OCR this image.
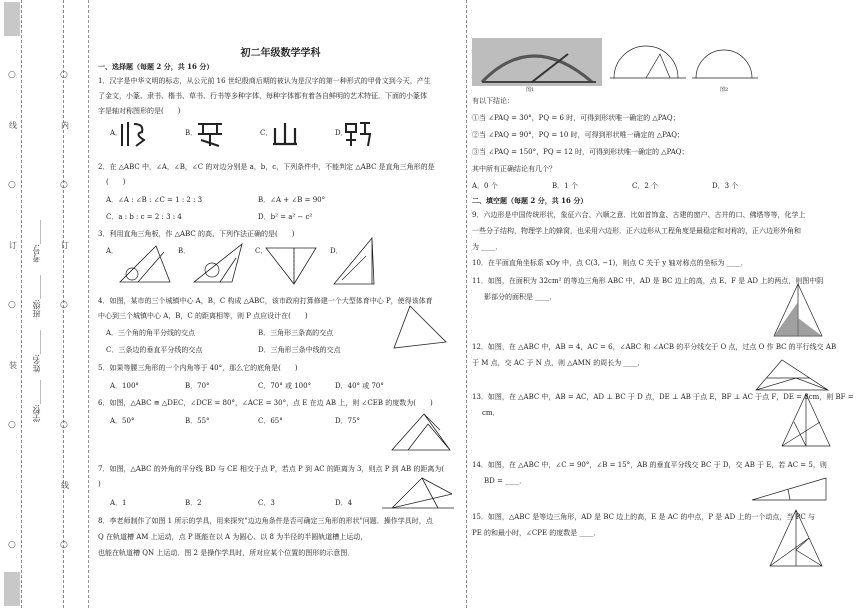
○
○
○
○
○
○
○
○
○
○
线
订
装
内
订
线
学校:______
姓名:______
班级:______
考号:______
初二年级数学学科
一、选择题（每题 2 分，共 16 分）
1．汉字是中华文明的标志，从公元前 16 世纪殷商后期的被认为是汉字的第一种形式的甲骨文到今天，产生
了金文，小篆、隶书、楷书、草书、行书等多种字体，每种字体都有着各自鲜明的艺术特征．下面的小篆体
字是轴对称图形的是(　　)
A．	B．	C．	D．
2．在 △ABC 中，∠A，∠B，∠C 的对边分别是 a，b，c，下列条件中，不能判定 △ABC 是直角三角形的是
(　　)
A．∠A : ∠B : ∠C = 1 : 2 : 3	B．∠A + ∠B = 90°
C．a : b : c = 2 : 3 : 4	D．b² = a² − c²
3．利用直角三角板，作 △ABC 的高，下列作法正确的是(　　)
A．	B．	C．	D．
4．如图，某市的三个城镇中心 A，B，C 构成 △ABC，该市政府打算修建一个大型体育中心 P，使得该体育
中心到三个城镇中心 A，B，C 的距离相等，则 P 点应设计在(　　)
A．三个角的角平分线的交点	B．三角形三条高的交点
C．三条边的垂直平分线的交点	D．三角形三条中线的交点
5．如果等腰三角形的一个内角等于 40°，那么它的底角是(　　)
A．100°	B．70°	C．70° 或 100°	D．40° 或 70°
6．如图，△ABC ≅ △DEC，∠DCE = 80°，∠ACE = 30°，点 E 在边 AB 上，则 ∠CEB 的度数为(　　)
A．50°	B．55°	C．65°	D．75°
7．如图，△ABC 的外角的平分线 BD 与 CE 相交于点 P，若点 P 到 AC 的距离为 3，则点 P 到 AB 的距离为(
)
A．1	B．2	C．3	D．4
8．李老师制作了如图 1 所示的学具，用来探究"边边角条件是否可确定三角形的形状"问题．操作学具时，点
Q 在轨道槽 AM 上运动，点 P 既能在以 A 为圆心、以 8 为半径的半圆轨道槽上运动，
也能在轨道槽 QN 上运动．图 2 是操作学具时，所对应某个位置的图形的示意图．
图1	图2
有以下结论：
①当 ∠PAQ = 30°，PQ = 6 时，可得到形状唯一确定的 △PAQ；
②当 ∠PAQ = 90°，PQ = 10 时，可得到形状唯一确定的 △PAQ；
③当 ∠PAQ = 150°，PQ = 12 时，可得到形状唯一确定的 △PAQ；
其中所有正确结论有几个？
A．0 个	B．1 个	C．2 个	D．3 个
二、填空题（每题 2 分，共 16 分）
9．六边形是中国传统形状，象征六合、六顺之意．比如首饰盒、古建的窗户、古井的口、佛塔等等，化学上
一些分子结构，物理学上的蜂窝，也采用六边形．正六边形从工程角度是最稳定和对称的，正六边形外角和
为 ____．
10．在平面直角坐标系 xOy 中，点 C(3, −1)，则点 C 关于 y 轴对称点的坐标为 ____．
11．如图，在面积为 32cm² 的等边三角形 ABC 中，AD 是 BC 边上的高，点 E、F 是 AD 上的两点，则图中阴
影部分的面积是 ____．
12．如图，在 △ABC 中，AB = 4，AC = 6，∠ABC 和 ∠ACB 的平分线交于 O 点，过点 O 作 BC 的平行线交 AB
于 M 点，交 AC 于 N 点，则 △AMN 的周长为 ____．
13．如图，在 △ABC 中，AB = AC，AD ⊥ BC 于 D 点，DE ⊥ AB 于点 E，BF ⊥ AC 于点 F，DE = 3cm，则 BF =
cm．
14．如图，在 △ABC 中，∠C = 90°，∠B = 15°，AB 的垂直平分线交 BC 于 D，交 AB 于 E，若 AC = 5，则
BD = ____．
15．如图，△ABC 是等边三角形，AD 是 BC 边上的高，E 是 AC 的中点，P 是 AD 上的一个动点，当 PC 与
PE 的和最小时，∠CPE 的度数是 ____．
